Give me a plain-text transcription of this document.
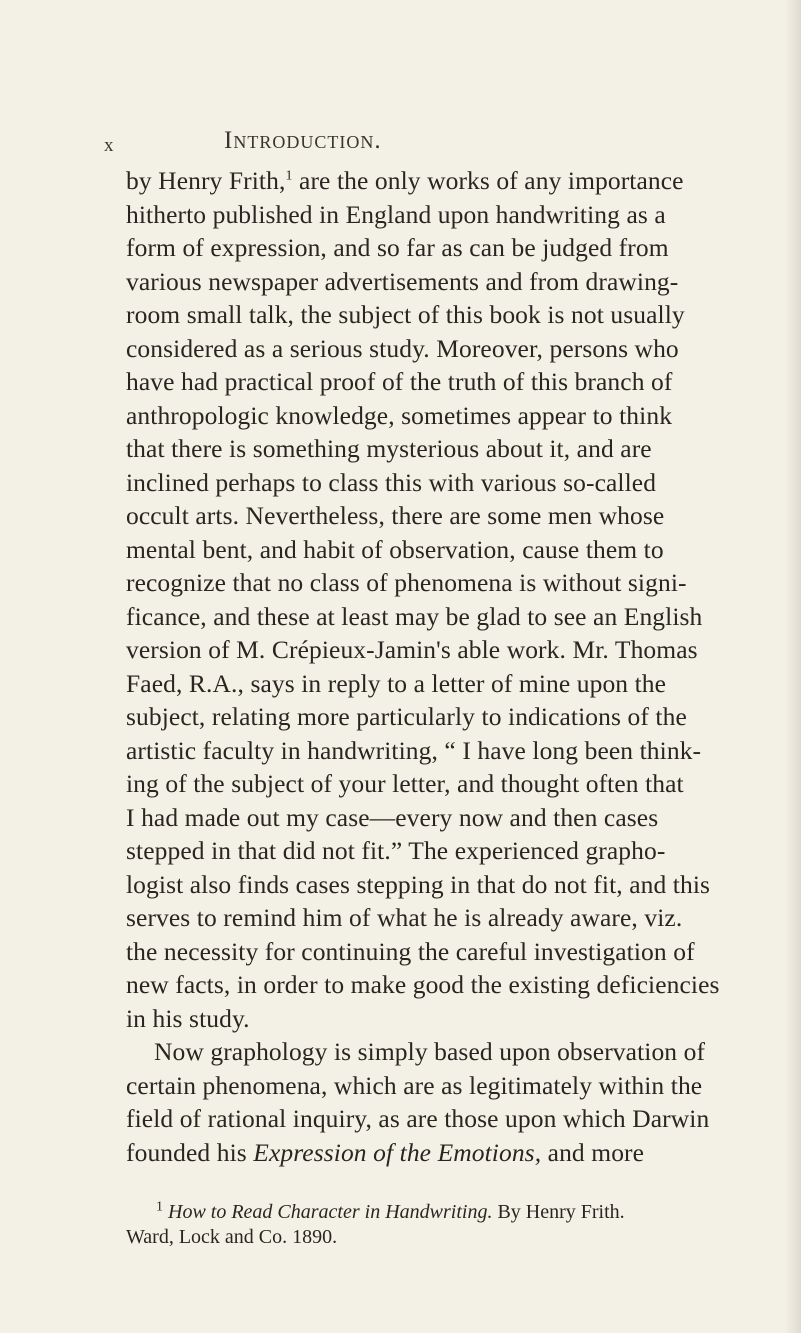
x	Introduction.
by Henry Frith,$^1$ are the only works of any importance
hitherto published in England upon handwriting as a
form of expression, and so far as can be judged from
various newspaper advertisements and from drawing-
room small talk, the subject of this book is not usually
considered as a serious study. Moreover, persons who
have had practical proof of the truth of this branch of
anthropologic knowledge, sometimes appear to think
that there is something mysterious about it, and are
inclined perhaps to class this with various so-called
occult arts. Nevertheless, there are some men whose
mental bent, and habit of observation, cause them to
recognize that no class of phenomena is without signi-
ficance, and these at least may be glad to see an English
version of M. Crépieux-Jamin's able work. Mr. Thomas
Faed, R.A., says in reply to a letter of mine upon the
subject, relating more particularly to indications of the
artistic faculty in handwriting, “ I have long been think-
ing of the subject of your letter, and thought often that
I had made out my case—every now and then cases
stepped in that did not fit.” The experienced grapho-
logist also finds cases stepping in that do not fit, and this
serves to remind him of what he is already aware, viz.
the necessity for continuing the careful investigation of
new facts, in order to make good the existing deficiencies
in his study.
Now graphology is simply based upon observation of
certain phenomena, which are as legitimately within the
field of rational inquiry, as are those upon which Darwin
founded his Expression of the Emotions, and more
$^1$ How to Read Character in Handwriting. By Henry Frith.
Ward, Lock and Co. 1890.
